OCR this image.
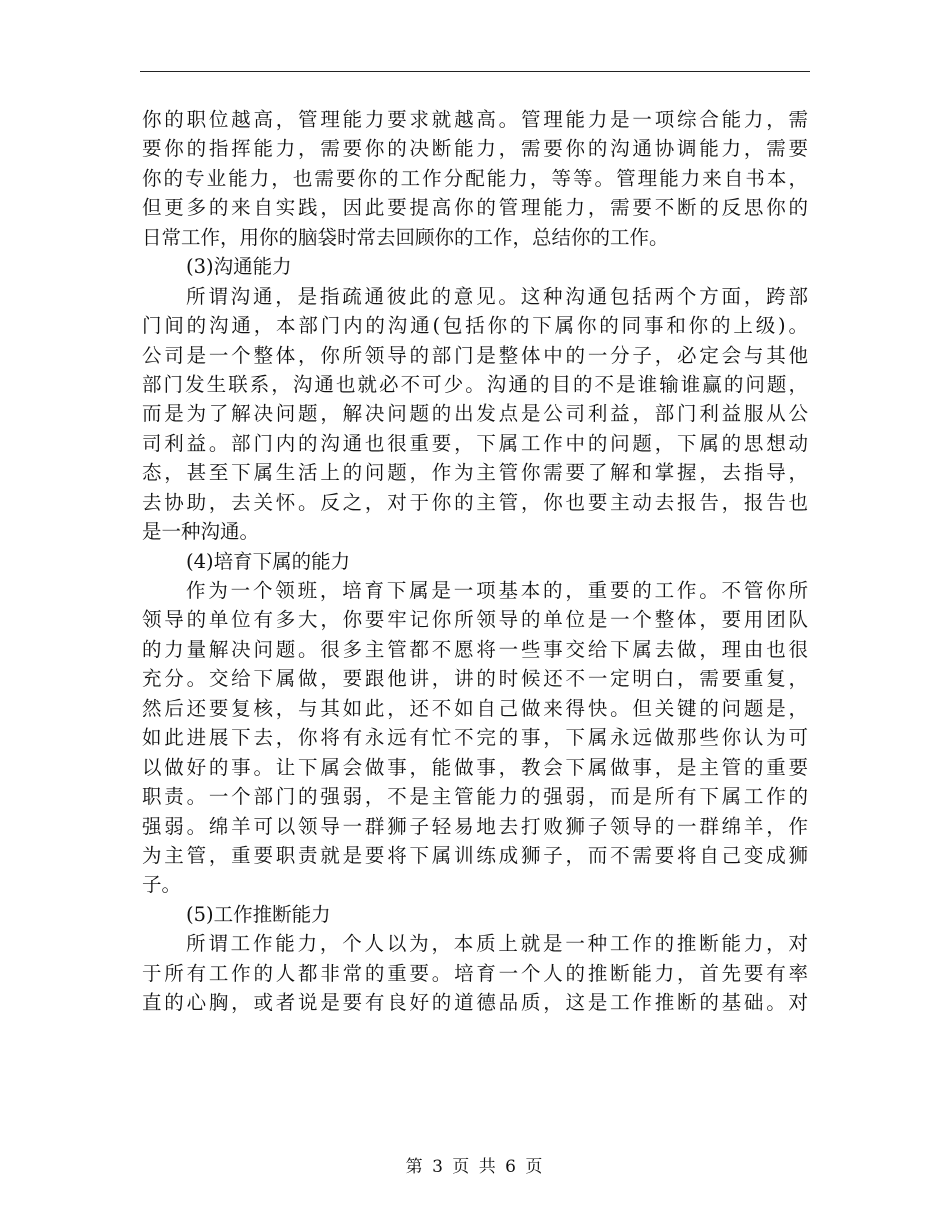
你的职位越高，管理能力要求就越高。管理能力是一项综合能力，需
要你的指挥能力，需要你的决断能力，需要你的沟通协调能力，需要
你的专业能力，也需要你的工作分配能力，等等。管理能力来自书本，
但更多的来自实践，因此要提高你的管理能力，需要不断的反思你的
日常工作，用你的脑袋时常去回顾你的工作，总结你的工作。
(3)沟通能力
所谓沟通，是指疏通彼此的意见。这种沟通包括两个方面，跨部
门间的沟通，本部门内的沟通(包括你的下属你的同事和你的上级)。
公司是一个整体，你所领导的部门是整体中的一分子，必定会与其他
部门发生联系，沟通也就必不可少。沟通的目的不是谁输谁赢的问题，
而是为了解决问题，解决问题的出发点是公司利益，部门利益服从公
司利益。部门内的沟通也很重要，下属工作中的问题，下属的思想动
态，甚至下属生活上的问题，作为主管你需要了解和掌握，去指导，
去协助，去关怀。反之，对于你的主管，你也要主动去报告，报告也
是一种沟通。
(4)培育下属的能力
作为一个领班，培育下属是一项基本的，重要的工作。不管你所
领导的单位有多大，你要牢记你所领导的单位是一个整体，要用团队
的力量解决问题。很多主管都不愿将一些事交给下属去做，理由也很
充分。交给下属做，要跟他讲，讲的时候还不一定明白，需要重复，
然后还要复核，与其如此，还不如自己做来得快。但关键的问题是，
如此进展下去，你将有永远有忙不完的事，下属永远做那些你认为可
以做好的事。让下属会做事，能做事，教会下属做事，是主管的重要
职责。一个部门的强弱，不是主管能力的强弱，而是所有下属工作的
强弱。绵羊可以领导一群狮子轻易地去打败狮子领导的一群绵羊，作
为主管，重要职责就是要将下属训练成狮子，而不需要将自己变成狮
子。
(5)工作推断能力
所谓工作能力，个人以为，本质上就是一种工作的推断能力，对
于所有工作的人都非常的重要。培育一个人的推断能力，首先要有率
直的心胸，或者说是要有良好的道德品质，这是工作推断的基础。对
第 3 页 共 6 页
